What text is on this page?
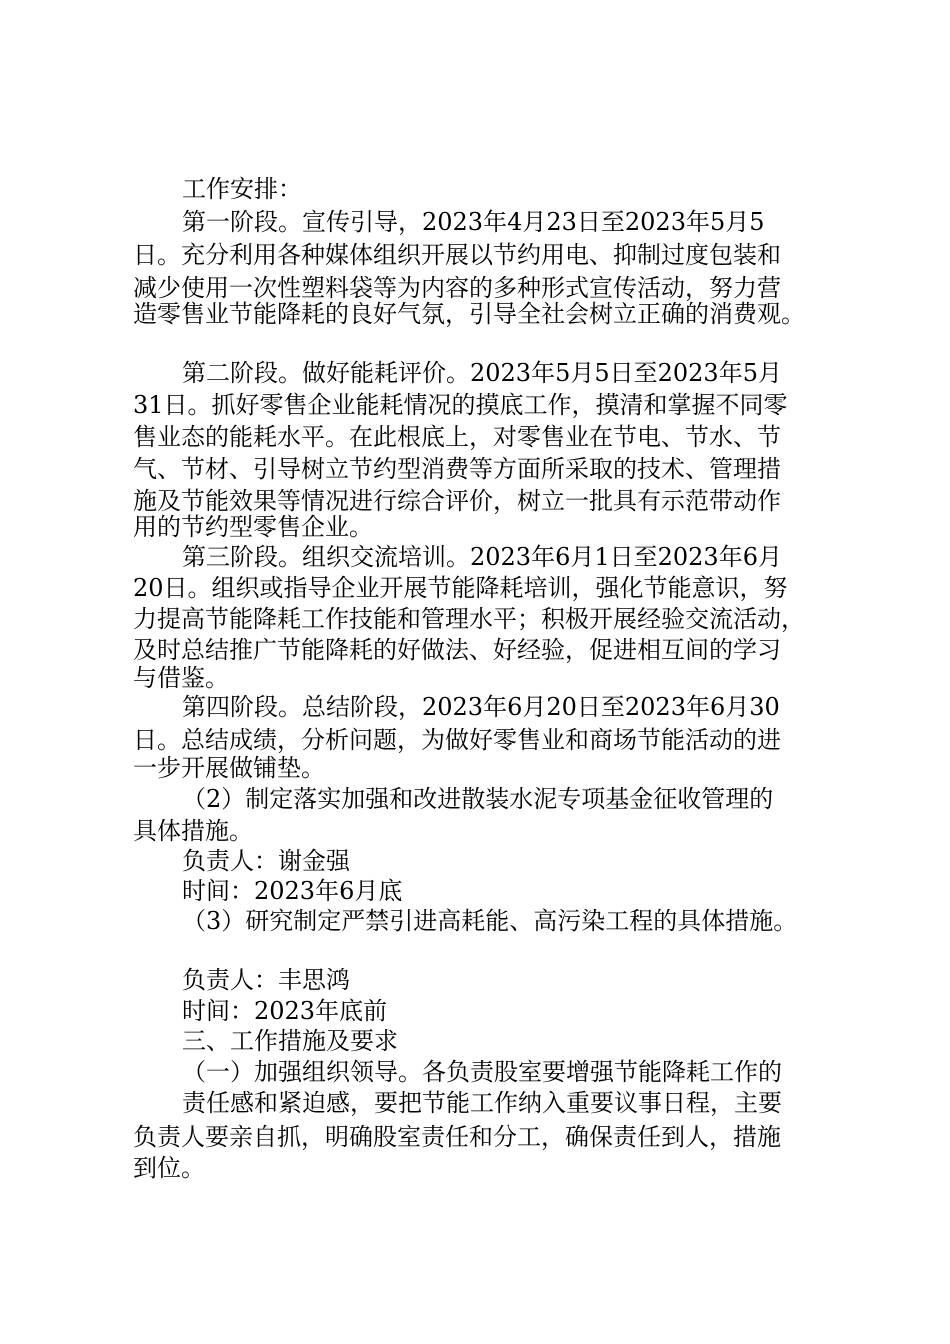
工作安排：
第一阶段。宣传引导，2023年4月23日至2023年5月5
日。充分利用各种媒体组织开展以节约用电、抑制过度包装和
减少使用一次性塑料袋等为内容的多种形式宣传活动，努力营
造零售业节能降耗的良好气氛，引导全社会树立正确的消费观。
第二阶段。做好能耗评价。2023年5月5日至2023年5月
31日。抓好零售企业能耗情况的摸底工作，摸清和掌握不同零
售业态的能耗水平。在此根底上，对零售业在节电、节水、节
气、节材、引导树立节约型消费等方面所采取的技术、管理措
施及节能效果等情况进行综合评价，树立一批具有示范带动作
用的节约型零售企业。
第三阶段。组织交流培训。2023年6月1日至2023年6月
20日。组织或指导企业开展节能降耗培训，强化节能意识，努
力提高节能降耗工作技能和管理水平；积极开展经验交流活动，
及时总结推广节能降耗的好做法、好经验，促进相互间的学习
与借鉴。
第四阶段。总结阶段，2023年6月20日至2023年6月30
日。总结成绩，分析问题，为做好零售业和商场节能活动的进
一步开展做铺垫。
（2）制定落实加强和改进散装水泥专项基金征收管理的
具体措施。
负责人：谢金强
时间：2023年6月底
（3）研究制定严禁引进高耗能、高污染工程的具体措施。
负责人：丰思鸿
时间：2023年底前
三、工作措施及要求
（一）加强组织领导。各负责股室要增强节能降耗工作的
责任感和紧迫感，要把节能工作纳入重要议事日程，主要
负责人要亲自抓，明确股室责任和分工，确保责任到人，措施
到位。
